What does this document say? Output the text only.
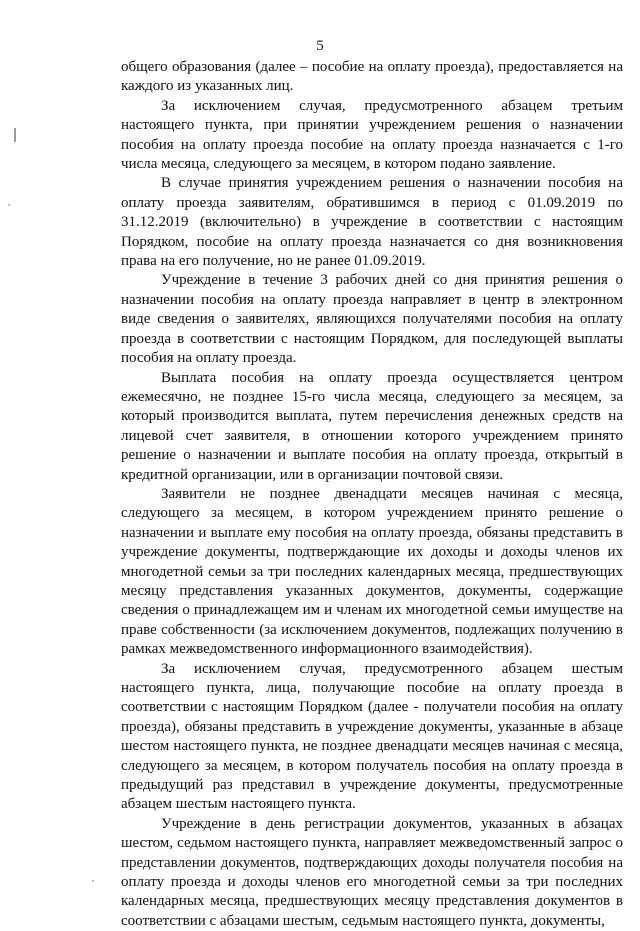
5

общего образования (далее – пособие на оплату проезда), предоставляется на каждого из указанных лиц.

За исключением случая, предусмотренного абзацем третьим настоящего пункта, при принятии учреждением решения о назначении пособия на оплату проезда пособие на оплату проезда назначается с 1-го числа месяца, следующего за месяцем, в котором подано заявление.

В случае принятия учреждением решения о назначении пособия на оплату проезда заявителям, обратившимся в период с 01.09.2019 по 31.12.2019 (включительно) в учреждение в соответствии с настоящим Порядком, пособие на оплату проезда назначается со дня возникновения права на его получение, но не ранее 01.09.2019.

Учреждение в течение 3 рабочих дней со дня принятия решения о назначении пособия на оплату проезда направляет в центр в электронном виде сведения о заявителях, являющихся получателями пособия на оплату проезда в соответствии с настоящим Порядком, для последующей выплаты пособия на оплату проезда.

Выплата пособия на оплату проезда осуществляется центром ежемесячно, не позднее 15-го числа месяца, следующего за месяцем, за который производится выплата, путем перечисления денежных средств на лицевой счет заявителя, в отношении которого учреждением принято решение о назначении и выплате пособия на оплату проезда, открытый в кредитной организации, или в организации почтовой связи.

Заявители не позднее двенадцати месяцев начиная с месяца, следующего за месяцем, в котором учреждением принято решение о назначении и выплате ему пособия на оплату проезда, обязаны представить в учреждение документы, подтверждающие их доходы и доходы членов их многодетной семьи за три последних календарных месяца, предшествующих месяцу представления указанных документов, документы, содержащие сведения о принадлежащем им и членам их многодетной семьи имуществе на праве собственности (за исключением документов, подлежащих получению в рамках межведомственного информационного взаимодействия).

За исключением случая, предусмотренного абзацем шестым настоящего пункта, лица, получающие пособие на оплату проезда в соответствии с настоящим Порядком (далее - получатели пособия на оплату проезда), обязаны представить в учреждение документы, указанные в абзаце шестом настоящего пункта, не позднее двенадцати месяцев начиная с месяца, следующего за месяцем, в котором получатель пособия на оплату проезда в предыдущий раз представил в учреждение документы, предусмотренные абзацем шестым настоящего пункта.

Учреждение в день регистрации документов, указанных в абзацах шестом, седьмом настоящего пункта, направляет межведомственный запрос о представлении документов, подтверждающих доходы получателя пособия на оплату проезда и доходы членов его многодетной семьи за три последних календарных месяца, предшествующих месяцу представления документов в соответствии с абзацами шестым, седьмым настоящего пункта, документы,
